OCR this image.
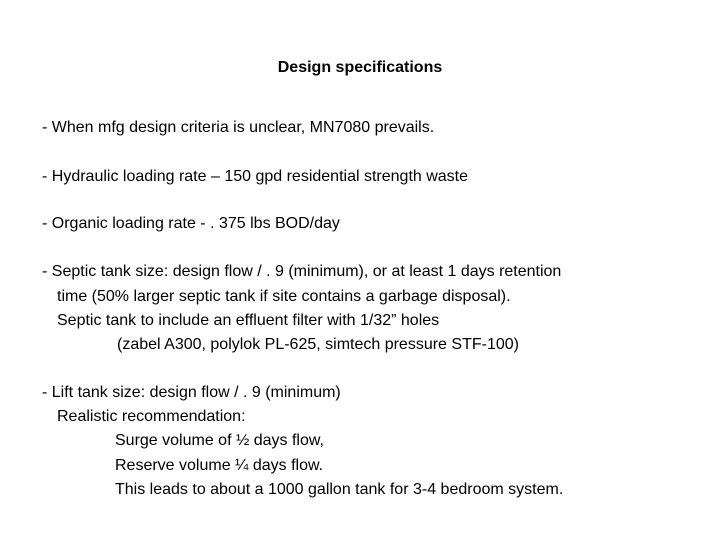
Design specifications
- When mfg design criteria is unclear, MN7080 prevails.
- Hydraulic loading rate – 150 gpd residential strength waste
- Organic loading rate - . 375 lbs BOD/day
- Septic tank size: design flow / . 9 (minimum), or at least 1 days retention
time (50% larger septic tank if site contains a garbage disposal).
Septic tank to include an effluent filter with 1/32” holes
(zabel A300, polylok PL-625, simtech pressure STF-100)
- Lift tank size: design flow / . 9 (minimum)
Realistic recommendation:
Surge volume of ½ days flow,
Reserve volume ¼ days flow.
This leads to about a 1000 gallon tank for 3-4 bedroom system.
